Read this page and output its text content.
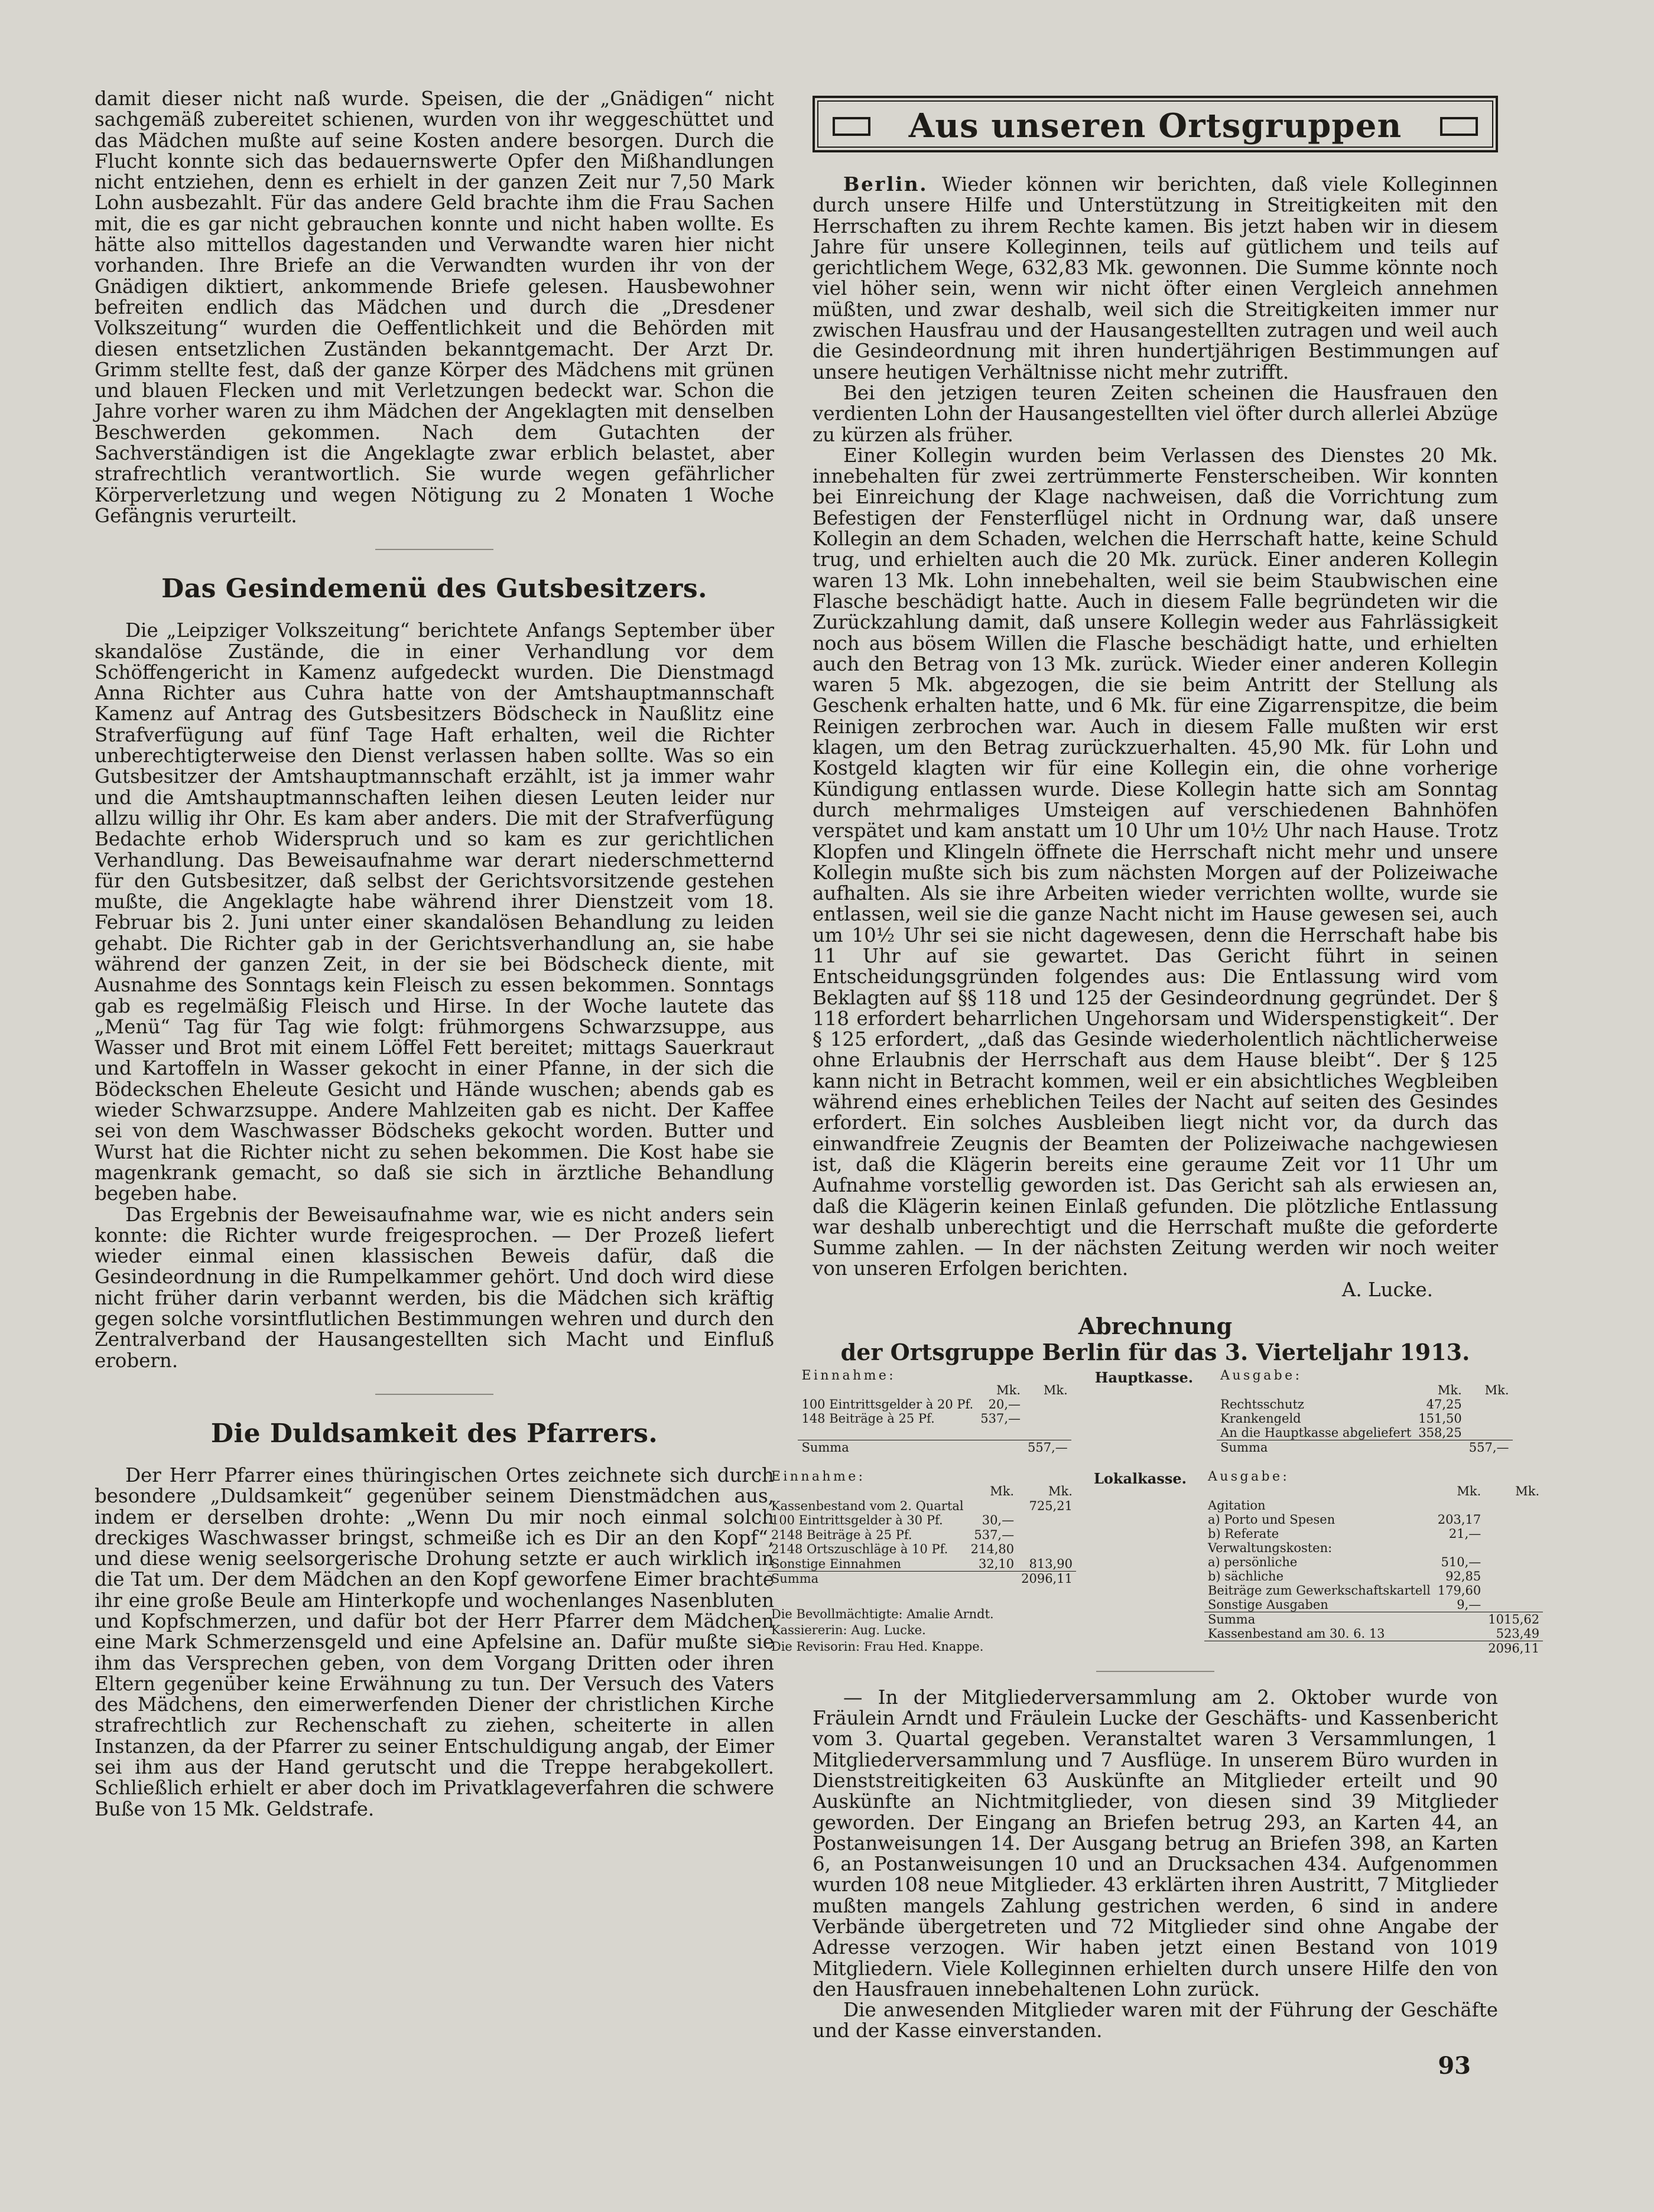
damit dieser nicht naß wurde. Speisen, die der „Gnädigen“ nicht sachgemäß zubereitet schienen, wurden von ihr weggeschüttet und das Mädchen mußte auf seine Kosten andere besorgen. Durch die Flucht konnte sich das bedauernswerte Opfer den Mißhandlungen nicht entziehen, denn es erhielt in der ganzen Zeit nur 7,50 Mark Lohn ausbezahlt. Für das andere Geld brachte ihm die Frau Sachen mit, die es gar nicht gebrauchen konnte und nicht haben wollte. Es hätte also mittellos dagestanden und Verwandte waren hier nicht vorhanden. Ihre Briefe an die Verwandten wurden ihr von der Gnädigen diktiert, ankommende Briefe gelesen. Hausbewohner befreiten endlich das Mädchen und durch die „Dresdener Volkszeitung“ wurden die Oeffentlichkeit und die Behörden mit diesen entsetzlichen Zuständen bekanntgemacht. Der Arzt Dr. Grimm stellte fest, daß der ganze Körper des Mädchens mit grünen und blauen Flecken und mit Verletzungen bedeckt war. Schon die Jahre vorher waren zu ihm Mädchen der Angeklagten mit denselben Beschwerden gekommen. Nach dem Gutachten der Sachverständigen ist die Angeklagte zwar erblich belastet, aber strafrechtlich verantwortlich. Sie wurde wegen gefährlicher Körperverletzung und wegen Nötigung zu 2 Monaten 1 Woche Gefängnis verurteilt.

Das Gesindemenü des Gutsbesitzers.

Die „Leipziger Volkszeitung“ berichtete Anfangs September über skandalöse Zustände, die in einer Verhandlung vor dem Schöffengericht in Kamenz aufgedeckt wurden. Die Dienstmagd Anna Richter aus Cuhra hatte von der Amtshauptmannschaft Kamenz auf Antrag des Gutsbesitzers Bödscheck in Naußlitz eine Strafverfügung auf fünf Tage Haft erhalten, weil die Richter unberechtigterweise den Dienst verlassen haben sollte. Was so ein Gutsbesitzer der Amtshauptmannschaft erzählt, ist ja immer wahr und die Amtshauptmannschaften leihen diesen Leuten leider nur allzu willig ihr Ohr. Es kam aber anders. Die mit der Strafverfügung Bedachte erhob Widerspruch und so kam es zur gerichtlichen Verhandlung. Das Beweisaufnahme war derart niederschmetternd für den Gutsbesitzer, daß selbst der Gerichtsvorsitzende gestehen mußte, die Angeklagte habe während ihrer Dienstzeit vom 18. Februar bis 2. Juni unter einer skandalösen Behandlung zu leiden gehabt. Die Richter gab in der Gerichtsverhandlung an, sie habe während der ganzen Zeit, in der sie bei Bödscheck diente, mit Ausnahme des Sonntags kein Fleisch zu essen bekommen. Sonntags gab es regelmäßig Fleisch und Hirse. In der Woche lautete das „Menü“ Tag für Tag wie folgt: frühmorgens Schwarzsuppe, aus Wasser und Brot mit einem Löffel Fett bereitet; mittags Sauerkraut und Kartoffeln in Wasser gekocht in einer Pfanne, in der sich die Bödeckschen Eheleute Gesicht und Hände wuschen; abends gab es wieder Schwarzsuppe. Andere Mahlzeiten gab es nicht. Der Kaffee sei von dem Waschwasser Bödscheks gekocht worden. Butter und Wurst hat die Richter nicht zu sehen bekommen. Die Kost habe sie magenkrank gemacht, so daß sie sich in ärztliche Behandlung begeben habe.

Das Ergebnis der Beweisaufnahme war, wie es nicht anders sein konnte: die Richter wurde freigesprochen. — Der Prozeß liefert wieder einmal einen klassischen Beweis dafür, daß die Gesindeordnung in die Rumpelkammer gehört. Und doch wird diese nicht früher darin verbannt werden, bis die Mädchen sich kräftig gegen solche vorsintflutlichen Bestimmungen wehren und durch den Zentralverband der Hausangestellten sich Macht und Einfluß erobern.

Die Duldsamkeit des Pfarrers.

Der Herr Pfarrer eines thüringischen Ortes zeichnete sich durch besondere „Duldsamkeit“ gegenüber seinem Dienstmädchen aus, indem er derselben drohte: „Wenn Du mir noch einmal solch dreckiges Waschwasser bringst, schmeiße ich es Dir an den Kopf“, und diese wenig seelsorgerische Drohung setzte er auch wirklich in die Tat um. Der dem Mädchen an den Kopf geworfene Eimer brachte ihr eine große Beule am Hinterkopfe und wochenlanges Nasenbluten und Kopfschmerzen, und dafür bot der Herr Pfarrer dem Mädchen eine Mark Schmerzensgeld und eine Apfelsine an. Dafür mußte sie ihm das Versprechen geben, von dem Vorgang Dritten oder ihren Eltern gegenüber keine Erwähnung zu tun. Der Versuch des Vaters des Mädchens, den eimerwerfenden Diener der christlichen Kirche strafrechtlich zur Rechenschaft zu ziehen, scheiterte in allen Instanzen, da der Pfarrer zu seiner Entschuldigung angab, der Eimer sei ihm aus der Hand gerutscht und die Treppe herabgekollert. Schließlich erhielt er aber doch im Privatklageverfahren die schwere Buße von 15 Mk. Geldstrafe.

Aus unseren Ortsgruppen

Berlin. Wieder können wir berichten, daß viele Kolleginnen durch unsere Hilfe und Unterstützung in Streitigkeiten mit den Herrschaften zu ihrem Rechte kamen. Bis jetzt haben wir in diesem Jahre für unsere Kolleginnen, teils auf gütlichem und teils auf gerichtlichem Wege, 632,83 Mk. gewonnen. Die Summe könnte noch viel höher sein, wenn wir nicht öfter einen Vergleich annehmen müßten, und zwar deshalb, weil sich die Streitigkeiten immer nur zwischen Hausfrau und der Hausangestellten zutragen und weil auch die Gesindeordnung mit ihren hundertjährigen Bestimmungen auf unsere heutigen Verhältnisse nicht mehr zutrifft.

Bei den jetzigen teuren Zeiten scheinen die Hausfrauen den verdienten Lohn der Hausangestellten viel öfter durch allerlei Abzüge zu kürzen als früher.

Einer Kollegin wurden beim Verlassen des Dienstes 20 Mk. innebehalten für zwei zertrümmerte Fensterscheiben. Wir konnten bei Einreichung der Klage nachweisen, daß die Vorrichtung zum Befestigen der Fensterflügel nicht in Ordnung war, daß unsere Kollegin an dem Schaden, welchen die Herrschaft hatte, keine Schuld trug, und erhielten auch die 20 Mk. zurück. Einer anderen Kollegin waren 13 Mk. Lohn innebehalten, weil sie beim Staubwischen eine Flasche beschädigt hatte. Auch in diesem Falle begründeten wir die Zurückzahlung damit, daß unsere Kollegin weder aus Fahrlässigkeit noch aus bösem Willen die Flasche beschädigt hatte, und erhielten auch den Betrag von 13 Mk. zurück. Wieder einer anderen Kollegin waren 5 Mk. abgezogen, die sie beim Antritt der Stellung als Geschenk erhalten hatte, und 6 Mk. für eine Zigarrenspitze, die beim Reinigen zerbrochen war. Auch in diesem Falle mußten wir erst klagen, um den Betrag zurückzuerhalten. 45,90 Mk. für Lohn und Kostgeld klagten wir für eine Kollegin ein, die ohne vorherige Kündigung entlassen wurde. Diese Kollegin hatte sich am Sonntag durch mehrmaliges Umsteigen auf verschiedenen Bahnhöfen verspätet und kam anstatt um 10 Uhr um 10½ Uhr nach Hause. Trotz Klopfen und Klingeln öffnete die Herrschaft nicht mehr und unsere Kollegin mußte sich bis zum nächsten Morgen auf der Polizeiwache aufhalten. Als sie ihre Arbeiten wieder verrichten wollte, wurde sie entlassen, weil sie die ganze Nacht nicht im Hause gewesen sei, auch um 10½ Uhr sei sie nicht dagewesen, denn die Herrschaft habe bis 11 Uhr auf sie gewartet. Das Gericht führt in seinen Entscheidungsgründen folgendes aus: Die Entlassung wird vom Beklagten auf §§ 118 und 125 der Gesindeordnung gegründet. Der § 118 erfordert beharrlichen Ungehorsam und Widerspenstigkeit“. Der § 125 erfordert, „daß das Gesinde wiederholentlich nächtlicherweise ohne Erlaubnis der Herrschaft aus dem Hause bleibt“. Der § 125 kann nicht in Betracht kommen, weil er ein absichtliches Wegbleiben während eines erheblichen Teiles der Nacht auf seiten des Gesindes erfordert. Ein solches Ausbleiben liegt nicht vor, da durch das einwandfreie Zeugnis der Beamten der Polizeiwache nachgewiesen ist, daß die Klägerin bereits eine geraume Zeit vor 11 Uhr um Aufnahme vorstellig geworden ist. Das Gericht sah als erwiesen an, daß die Klägerin keinen Einlaß gefunden. Die plötzliche Entlassung war deshalb unberechtigt und die Herrschaft mußte die geforderte Summe zahlen. — In der nächsten Zeitung werden wir noch weiter von unseren Erfolgen berichten.

A. Lucke.
Abrechnung
der Ortsgruppe Berlin für das 3. Vierteljahr 1913.
Einnahme:		
	Mk.	Mk.
100 Eintrittsgelder à 20 Pf.	20,—	
148 Beiträge à 25 Pf.	537,—	

Summa		557,—
Hauptkasse. Ausgabe:		
	Mk.	Mk.
Rechtsschutz	47,25	
Krankengeld	151,50	
An die Hauptkasse abgeliefert	358,25	
Summa		557,—
Einnahme:		
	Mk.	Mk.
Kassenbestand vom 2. Quartal		725,21
100 Eintrittsgelder à 30 Pf.	30,—	
2148 Beiträge à 25 Pf.	537,—	
2148 Ortszuschläge à 10 Pf.	214,80	
Sonstige Einnahmen	32,10	813,90
Summa		2096,11

Die Bevollmächtigte: Amalie Arndt.		
Kassiererin: Aug. Lucke.		
Die Revisorin: Frau Hed. Knappe.		
Lokalkasse. Ausgabe:		
	Mk.	Mk.
Agitation		
a) Porto und Spesen	203,17	
b) Referate	21,—	
Verwaltungskosten:		
a) persönliche	510,—	
b) sächliche	92,85	
Beiträge zum Gewerkschaftskartell	179,60	
Sonstige Ausgaben	9,—	
Summa		1015,62
Kassenbestand am 30. 6. 13		523,49
		2096,11

— In der Mitgliederversammlung am 2. Oktober wurde von Fräulein Arndt und Fräulein Lucke der Geschäfts- und Kassenbericht vom 3. Quartal gegeben. Veranstaltet waren 3 Versammlungen, 1 Mitgliederversammlung und 7 Ausflüge. In unserem Büro wurden in Dienststreitigkeiten 63 Auskünfte an Mitglieder erteilt und 90 Auskünfte an Nichtmitglieder, von diesen sind 39 Mitglieder geworden. Der Eingang an Briefen betrug 293, an Karten 44, an Postanweisungen 14. Der Ausgang betrug an Briefen 398, an Karten 6, an Postanweisungen 10 und an Drucksachen 434. Aufgenommen wurden 108 neue Mitglieder. 43 erklärten ihren Austritt, 7 Mitglieder mußten mangels Zahlung gestrichen werden, 6 sind in andere Verbände übergetreten und 72 Mitglieder sind ohne Angabe der Adresse verzogen. Wir haben jetzt einen Bestand von 1019 Mitgliedern. Viele Kolleginnen erhielten durch unsere Hilfe den von den Hausfrauen innebehaltenen Lohn zurück.

Die anwesenden Mitglieder waren mit der Führung der Geschäfte und der Kasse einverstanden.

93
